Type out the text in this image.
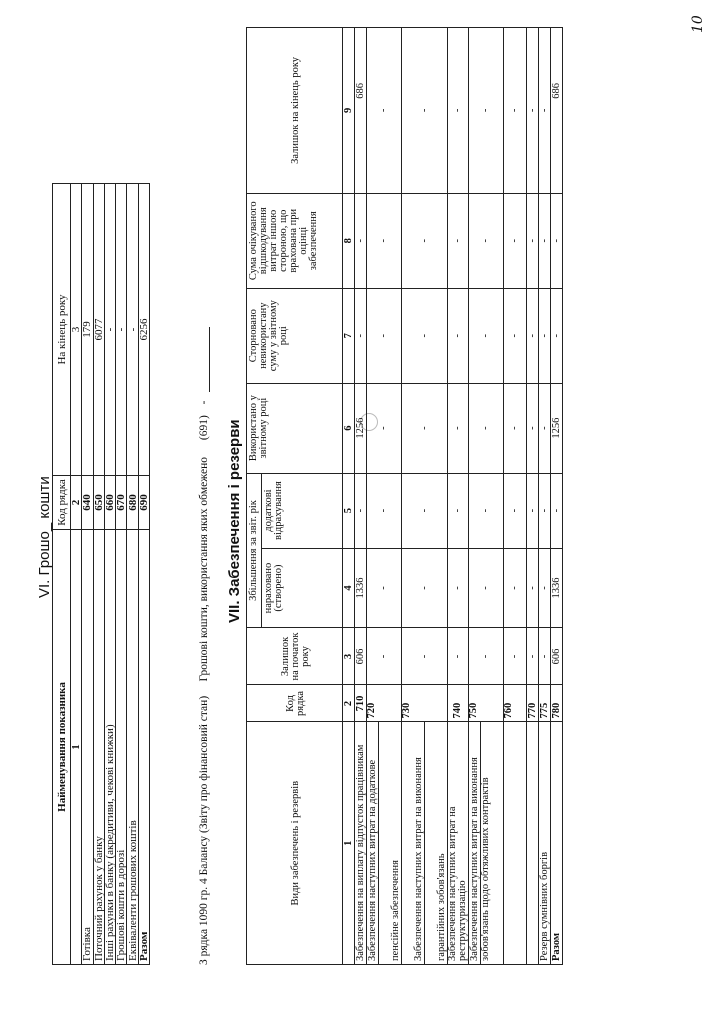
VI. Грошо_ кошти
Найменування показника	Код рядка	На кінець року
1	2	3
Готівка	640	179
Поточний рахунок у банку	650	6077
Інші рахунки в банку (акредитиви, чекові книжки)	660	-
Грошові кошти в дорозі	670	-
Еквіваленти грошових коштів	680	-
Разом	690	6256
З рядка 1090 гр. 4 Балансу (Звіту про фінансовий стан)     Грошові кошти, використання яких обмежено (691) -
VII. Забезпечення і резерви
Види забезпечень і резервів	Код рядка	Залишок на початок року	Збільшення за звіт. рік		Використано у звітному році	Сторновано невикористану суму у звітному році	Сума очікуваного відшкодування витрат іншою стороною, що врахована при оцінці забезпечення	Залишок на кінець року
			нараховано (створено)	додаткові відрахування				
1	2	3	4	5	6	7	8	9
Забезпечення на виплату відпусток працівникам	710	606	1336	-	1256	-	-	686
Забезпечення наступних витрат на додаткове	720	-	-	-	-	-	-	-
пенсійне забезпечення								
Забезпечення наступних витрат на виконання	730	-	-	-	-	-	-	-
гарантійних зобов'язань								
Забезпечення наступних витрат на реструктуризацію	740	-	-	-	-	-	-	-
Забезпечення наступних витрат на виконання	750	-	-	-	-	-	-	-
зобов'язань щодо обтяжливих контрактів								
	760	-	-	-	-	-	-	-
	770	-	-	-	-	-	-	-
Резерв сумнівних боргів	775	-	-	-	-	-	-	-
Разом	780	606	1336	-	1256	-	-	686
10
